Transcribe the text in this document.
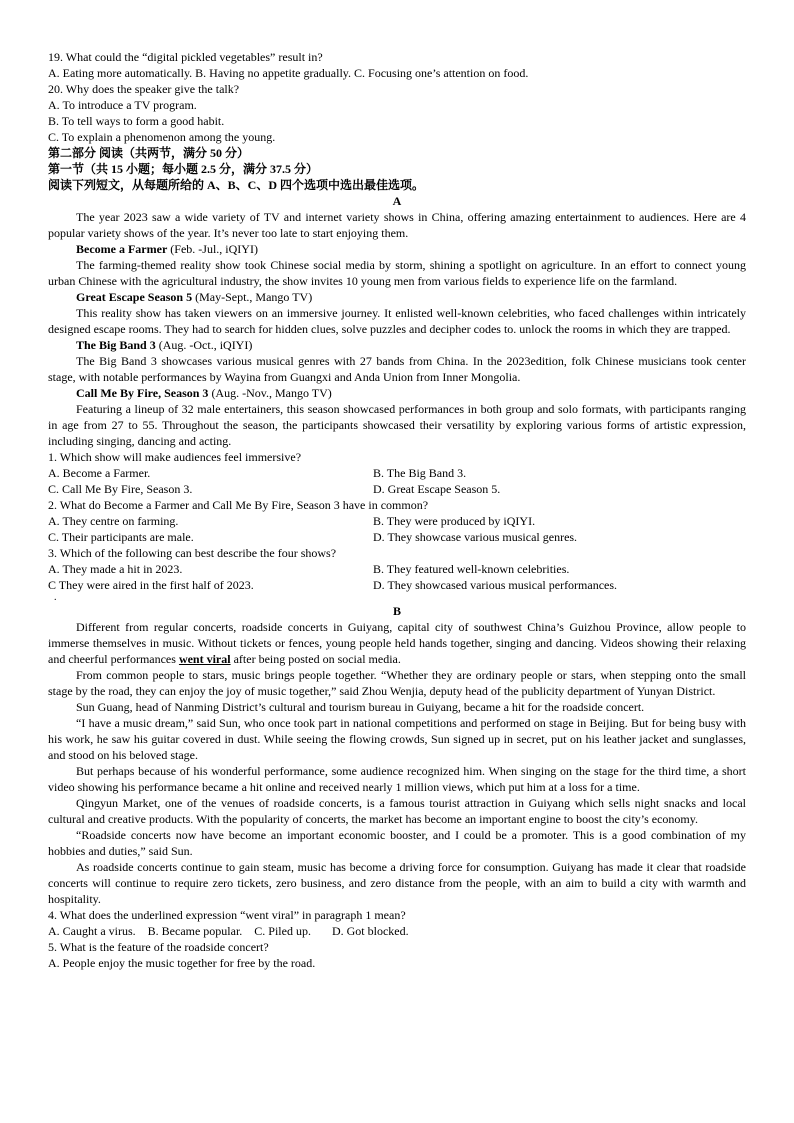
19. What could the “digital pickled vegetables” result in?
A. Eating more automatically. B. Having no appetite gradually. C. Focusing one’s attention on food.
20. Why does the speaker give the talk?
A. To introduce a TV program.
B. To tell ways to form a good habit.
C. To explain a phenomenon among the young.
第二部分 阅读（共两节，满分 50 分）
第一节（共 15 小题；每小题 2.5 分，满分 37.5 分）
阅读下列短文，从每题所给的 A、B、C、D 四个选项中选出最佳选项。
A
The year 2023 saw a wide variety of TV and internet variety shows in China, offering amazing entertainment to audiences. Here are 4 popular variety shows of the year. It’s never too late to start enjoying them.
Become a Farmer (Feb. -Jul., iQIYI)
The farming-themed reality show took Chinese social media by storm, shining a spotlight on agriculture. In an effort to connect young urban Chinese with the agricultural industry, the show invites 10 young men from various fields to experience life on the farmland.
Great Escape Season 5 (May-Sept., Mango TV)
This reality show has taken viewers on an immersive journey. It enlisted well-known celebrities, who faced challenges within intricately designed escape rooms. They had to search for hidden clues, solve puzzles and decipher codes to. unlock the rooms in which they are trapped.
The Big Band 3 (Aug. -Oct., iQIYI)
The Big Band 3 showcases various musical genres with 27 bands from China. In the 2023edition, folk Chinese musicians took center stage, with notable performances by Wayina from Guangxi and Anda Union from Inner Mongolia.
Call Me By Fire, Season 3 (Aug. -Nov., Mango TV)
Featuring a lineup of 32 male entertainers, this season showcased performances in both group and solo formats, with participants ranging in age from 27 to 55. Throughout the season, the participants showcased their versatility by exploring various forms of artistic expression, including singing, dancing and acting.
1. Which show will make audiences feel immersive?
A. Become a Farmer.	B. The Big Band 3.
C. Call Me By Fire, Season 3.	D. Great Escape Season 5.
2. What do Become a Farmer and Call Me By Fire, Season 3 have in common?
A. They centre on farming.	B. They were produced by iQIYI.
C. Their participants are male.	D. They showcase various musical genres.
3. Which of the following can best describe the four shows?
A. They made a hit in 2023.	B. They featured well-known celebrities.
C They were aired in the first half of 2023.	D. They showcased various musical performances.
.
B
Different from regular concerts, roadside concerts in Guiyang, capital city of southwest China’s Guizhou Province, allow people to immerse themselves in music. Without tickets or fences, young people held hands together, singing and dancing. Videos showing their relaxing and cheerful performances went viral after being posted on social media.
From common people to stars, music brings people together. “Whether they are ordinary people or stars, when stepping onto the small stage by the road, they can enjoy the joy of music together,” said Zhou Wenjia, deputy head of the publicity department of Yunyan District.
Sun Guang, head of Nanming District’s cultural and tourism bureau in Guiyang, became a hit for the roadside concert.
“I have a music dream,” said Sun, who once took part in national competitions and performed on stage in Beijing. But for being busy with his work, he saw his guitar covered in dust. While seeing the flowing crowds, Sun signed up in secret, put on his leather jacket and sunglasses, and stood on his beloved stage.
But perhaps because of his wonderful performance, some audience recognized him. When singing on the stage for the third time, a short video showing his performance became a hit online and received nearly 1 million views, which put him at a loss for a time.
Qingyun Market, one of the venues of roadside concerts, is a famous tourist attraction in Guiyang which sells night snacks and local cultural and creative products. With the popularity of concerts, the market has become an important engine to boost the city’s economy.
“Roadside concerts now have become an important economic booster, and I could be a promoter. This is a good combination of my hobbies and duties,” said Sun.
As roadside concerts continue to gain steam, music has become a driving force for consumption. Guiyang has made it clear that roadside concerts will continue to require zero tickets, zero business, and zero distance from the people, with an aim to build a city with warmth and hospitality.
4. What does the underlined expression “went viral” in paragraph 1 mean?
A. Caught a virus.    B. Became popular.    C. Piled up.       D. Got blocked.
5. What is the feature of the roadside concert?
A. People enjoy the music together for free by the road.
